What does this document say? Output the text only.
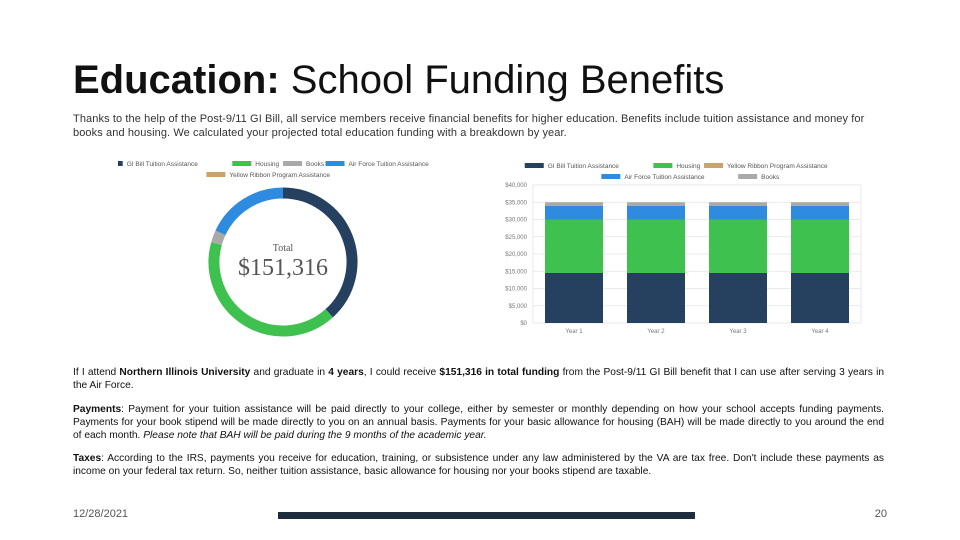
Education: School Funding Benefits

Thanks to the help of the Post-9/11 GI Bill, all service members receive financial benefits for higher education. Benefits include tuition assistance and money for books and housing. We calculated your projected total education funding with a breakdown by year.

GI Bill Tuition Assistance	Housing	Books	Air Force Tuition Assistance
Yellow Ribbon Program Assistance
Total
$151,316
GI Bill Tuition Assistance	Housing	Yellow Ribbon Program Assistance
Air Force Tuition Assistance	Books
$0
$5,000
$10,000
$15,000
$20,000
$25,000
$30,000
$35,000
$40,000
Year 1	Year 2	Year 3	Year 4

If I attend Northern Illinois University and graduate in 4 years, I could receive $151,316 in total funding from the Post-9/11 GI Bill benefit that I can use after serving 3 years in the Air Force.

Payments: Payment for your tuition assistance will be paid directly to your college, either by semester or monthly depending on how your school accepts funding payments. Payments for your book stipend will be made directly to you on an annual basis. Payments for your basic allowance for housing (BAH) will be made directly to you around the end of each month. Please note that BAH will be paid during the 9 months of the academic year.

Taxes: According to the IRS, payments you receive for education, training, or subsistence under any law administered by the VA are tax free. Don't include these payments as income on your federal tax return. So, neither tuition assistance, basic allowance for housing nor your books stipend are taxable.

12/28/2021	20
